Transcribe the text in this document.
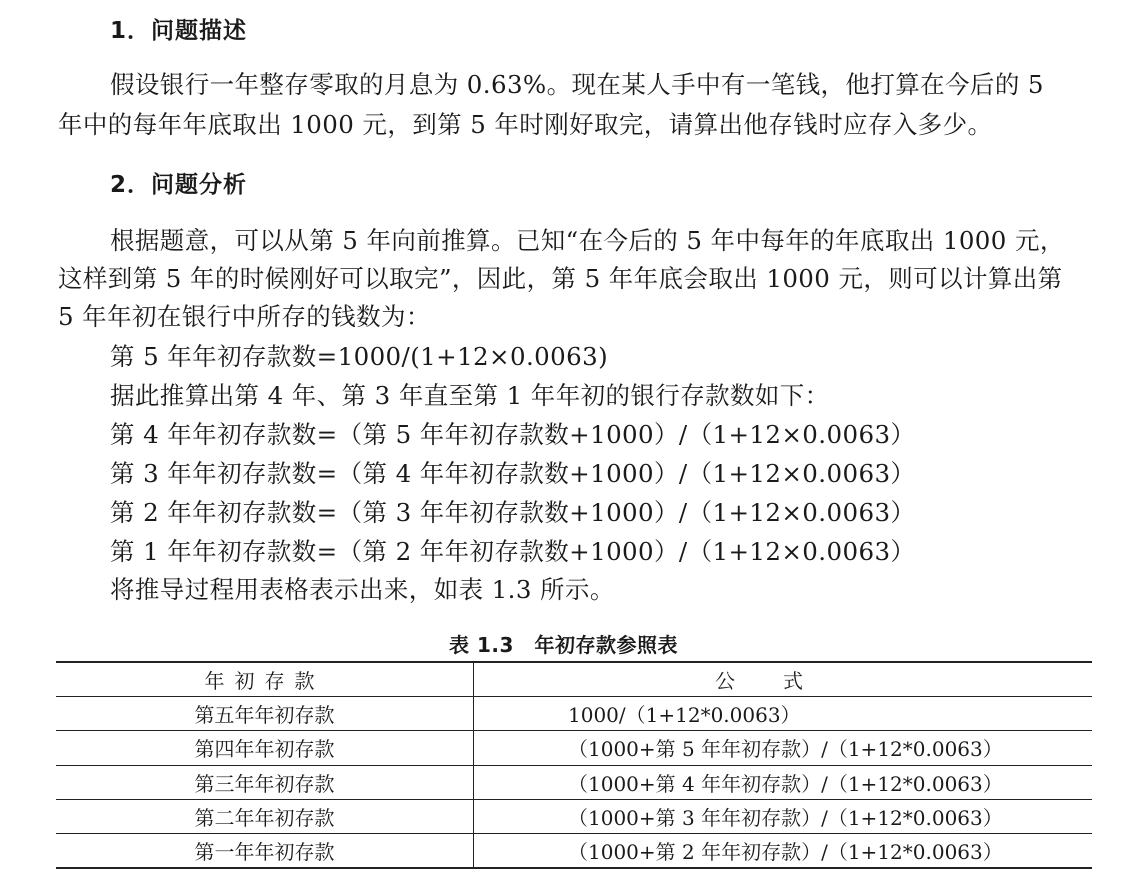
1．问题描述
假设银行一年整存零取的月息为 0.63%。现在某人手中有一笔钱，他打算在今后的 5
年中的每年年底取出 1000 元，到第 5 年时刚好取完，请算出他存钱时应存入多少。
2．问题分析
根据题意，可以从第 5 年向前推算。已知“在今后的 5 年中每年的年底取出 1000 元，
这样到第 5 年的时候刚好可以取完”，因此，第 5 年年底会取出 1000 元，则可以计算出第
5 年年初在银行中所存的钱数为：
第 5 年年初存款数=1000/(1+12×0.0063)
据此推算出第 4 年、第 3 年直至第 1 年年初的银行存款数如下：
第 4 年年初存款数=（第 5 年年初存款数+1000）/（1+12×0.0063）
第 3 年年初存款数=（第 4 年年初存款数+1000）/（1+12×0.0063）
第 2 年年初存款数=（第 3 年年初存款数+1000）/（1+12×0.0063）
第 1 年年初存款数=（第 2 年年初存款数+1000）/（1+12×0.0063）
将推导过程用表格表示出来，如表 1.3 所示。
表 1.3　年初存款参照表
年初存款	公式
第五年年初存款	1000/（1+12*0.0063）
第四年年初存款	（1000+第 5 年年初存款）/（1+12*0.0063）
第三年年初存款	（1000+第 4 年年初存款）/（1+12*0.0063）
第二年年初存款	（1000+第 3 年年初存款）/（1+12*0.0063）
第一年年初存款	（1000+第 2 年年初存款）/（1+12*0.0063）
